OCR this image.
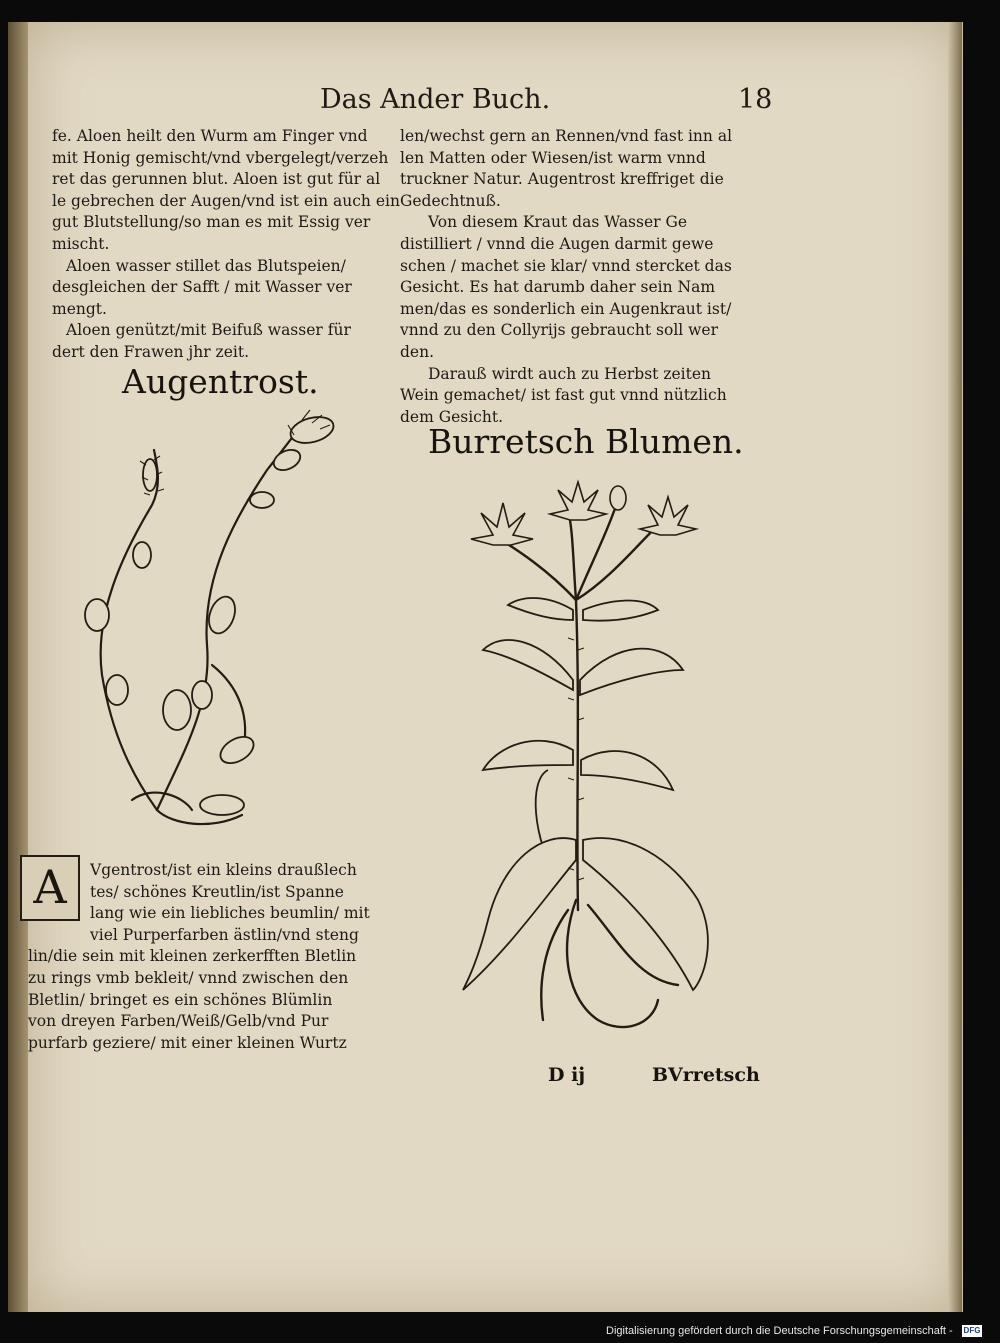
Das Ander Buch.	18

fe. Aloen heilt den Wurm am Finger vnd

mit Honig gemischt/vnd vbergelegt/verzeh

ret das gerunnen blut. Aloen ist gut für al

le gebrechen der Augen/vnd ist ein auch ein

gut Blutstellung/so man es mit Essig ver

mischt.

Aloen wasser stillet das Blutspeien/

desgleichen der Safft / mit Wasser ver

mengt.

Aloen genützt/mit Beifuß wasser für

dert den Frawen jhr zeit.

Augentrost.
A	Vgentrost/ist ein kleins draußlech

tes/ schönes Kreutlin/ist Spanne

lang wie ein liebliches beumlin/ mit

viel Purperfarben ästlin/vnd steng

lin/die sein mit kleinen zerkerfften Bletlin

zu rings vmb bekleit/ vnnd zwischen den

Bletlin/ bringet es ein schönes Blümlin

von dreyen Farben/Weiß/Gelb/vnd Pur

purfarb geziere/ mit einer kleinen Wurtz

len/wechst gern an Rennen/vnd fast inn al

len Matten oder Wiesen/ist warm vnnd

truckner Natur. Augentrost kreffriget die

Gedechtnuß.

Von diesem Kraut das Wasser Ge

distilliert / vnnd die Augen darmit gewe

schen / machet sie klar/ vnnd stercket das

Gesicht. Es hat darumb daher sein Nam

men/das es sonderlich ein Augenkraut ist/

vnnd zu den Collyrijs gebraucht soll wer

den.

Darauß wirdt auch zu Herbst zeiten

Wein gemachet/ ist fast gut vnnd nützlich

dem Gesicht.

Burretsch Blumen.
D ij	BVrretsch
Digitalisierung gefördert durch die Deutsche Forschungsgemeinschaft - DFG
